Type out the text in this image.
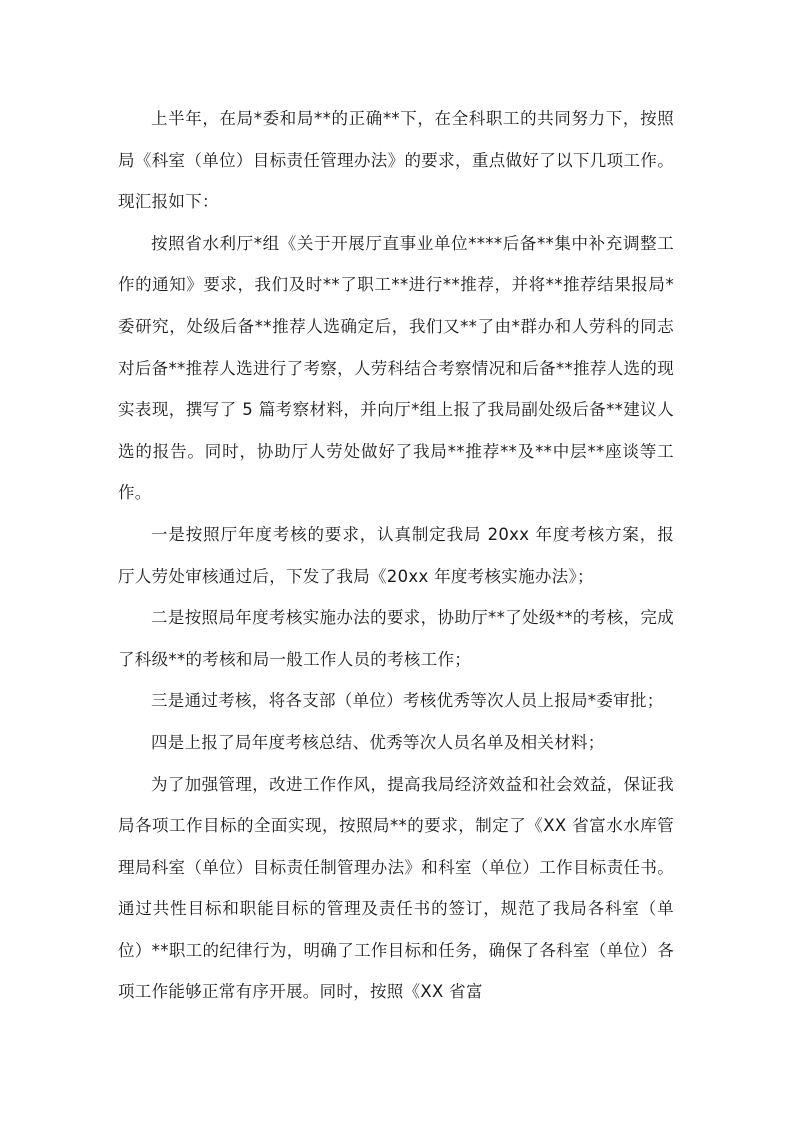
上半年，在局*委和局**的正确**下，在全科职工的共同努力下，按照局《科室（单位）目标责任管理办法》的要求，重点做好了以下几项工作。现汇报如下：

按照省水利厅*组《关于开展厅直事业单位****后备**集中补充调整工作的通知》要求，我们及时**了职工**进行**推荐，并将**推荐结果报局*委研究，处级后备**推荐人选确定后，我们又**了由*群办和人劳科的同志对后备**推荐人选进行了考察，人劳科结合考察情况和后备**推荐人选的现实表现，撰写了 5 篇考察材料，并向厅*组上报了我局副处级后备**建议人选的报告。同时，协助厅人劳处做好了我局**推荐**及**中层**座谈等工作。

一是按照厅年度考核的要求，认真制定我局 20xx 年度考核方案，报厅人劳处审核通过后，下发了我局《20xx 年度考核实施办法》；

二是按照局年度考核实施办法的要求，协助厅**了处级**的考核，完成了科级**的考核和局一般工作人员的考核工作；

三是通过考核，将各支部（单位）考核优秀等次人员上报局*委审批；

四是上报了局年度考核总结、优秀等次人员名单及相关材料；

为了加强管理，改进工作作风，提高我局经济效益和社会效益，保证我局各项工作目标的全面实现，按照局**的要求，制定了《XX 省富水水库管理局科室（单位）目标责任制管理办法》和科室（单位）工作目标责任书。通过共性目标和职能目标的管理及责任书的签订，规范了我局各科室（单位）**职工的纪律行为，明确了工作目标和任务，确保了各科室（单位）各项工作能够正常有序开展。同时，按照《XX 省富
